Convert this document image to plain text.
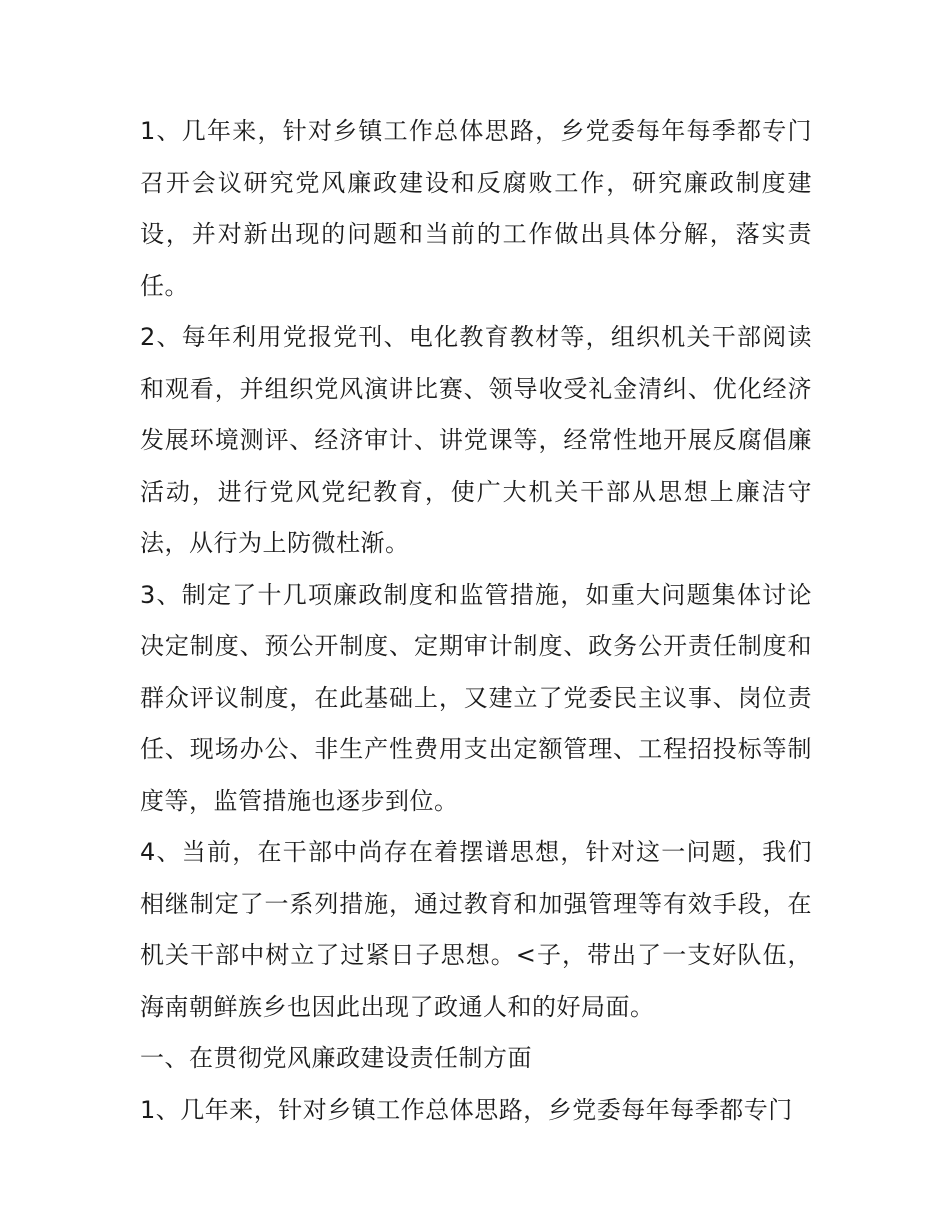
1、几年来，针对乡镇工作总体思路，乡党委每年每季都专门召开会议研究党风廉政建设和反腐败工作，研究廉政制度建设，并对新出现的问题和当前的工作做出具体分解，落实责任。

2、每年利用党报党刊、电化教育教材等，组织机关干部阅读和观看，并组织党风演讲比赛、领导收受礼金清纠、优化经济发展环境测评、经济审计、讲党课等，经常性地开展反腐倡廉活动，进行党风党纪教育，使广大机关干部从思想上廉洁守法，从行为上防微杜渐。

3、制定了十几项廉政制度和监管措施，如重大问题集体讨论决定制度、预公开制度、定期审计制度、政务公开责任制度和群众评议制度，在此基础上，又建立了党委民主议事、岗位责任、现场办公、非生产性费用支出定额管理、工程招投标等制度等，监管措施也逐步到位。

4、当前，在干部中尚存在着摆谱思想，针对这一问题，我们相继制定了一系列措施，通过教育和加强管理等有效手段，在机关干部中树立了过紧日子思想。<子，带出了一支好队伍，海南朝鲜族乡也因此出现了政通人和的好局面。

一、在贯彻党风廉政建设责任制方面

1、几年来，针对乡镇工作总体思路，乡党委每年每季都专门
